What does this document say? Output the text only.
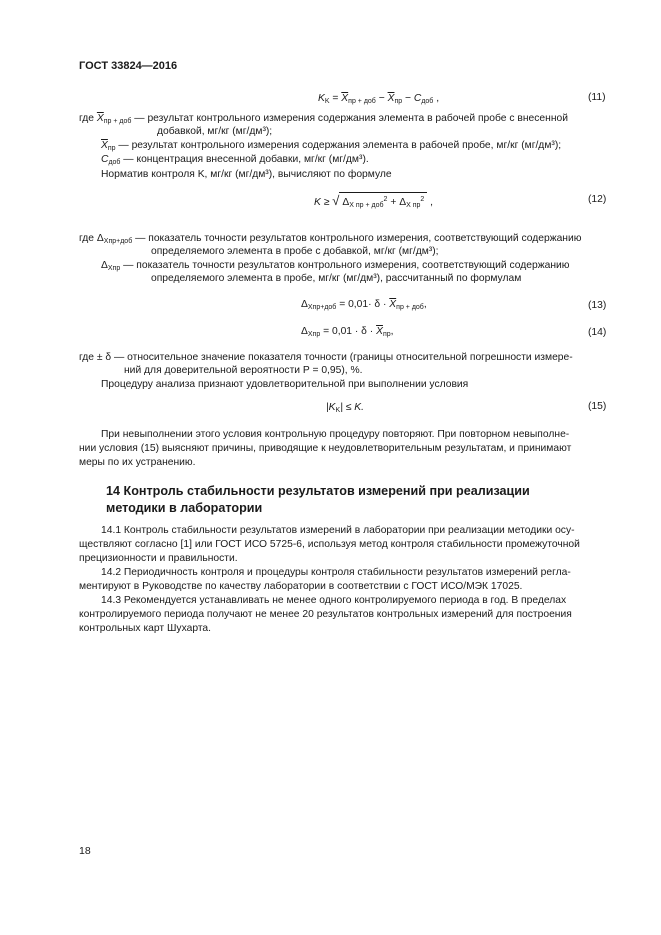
ГОСТ 33824—2016
$K_K = \overline{X}_{пр + доб} - \overline{X}_{пр} - C_{доб}$ ,	(11)
где $\overline{X}_{пр + доб}$ — результат контрольного измерения содержания элемента в рабочей пробе с внесенной
добавкой, мг/кг (мг/дм³);
$\overline{X}_{пр}$ — результат контрольного измерения содержания элемента в рабочей пробе, мг/кг (мг/дм³);
$C_{доб}$ — концентрация внесенной добавки, мг/кг (мг/дм³).
Норматив контроля K, мг/кг (мг/дм³), вычисляют по формуле
K ≥ √ $\Delta_{X пр + доб}^2 + \Delta_{X пр}^2$ ,	(12)
где $\Delta_{Xпр+доб}$ — показатель точности результатов контрольного измерения, соответствующий содержанию
определяемого элемента в пробе с добавкой, мг/кг (мг/дм³);
$\Delta_{Xпр}$ — показатель точности результатов контрольного измерения, соответствующий содержанию
определяемого элемента в пробе, мг/кг (мг/дм³), рассчитанный по формулам
$\Delta_{Xпр+доб} = 0,01\cdot \delta \cdot \overline{X}_{пр + доб}$,	(13)
$\Delta_{Xпр} = 0,01 \cdot \delta \cdot \overline{X}_{пр}$,	(14)
где ± δ — относительное значение показателя точности (границы относительной погрешности измере-
ний для доверительной вероятности P = 0,95), %.
Процедуру анализа признают удовлетворительной при выполнении условия
$|K_K| \le K$.	(15)
При невыполнении этого условия контрольную процедуру повторяют. При повторном невыполне-
нии условия (15) выясняют причины, приводящие к неудовлетворительным результатам, и принимают
меры по их устранению.
14 Контроль стабильности результатов измерений при реализации
методики в лаборатории
14.1 Контроль стабильности результатов измерений в лаборатории при реализации методики осу-
ществляют согласно [1] или ГОСТ ИСО 5725-6, используя метод контроля стабильности промежуточной
прецизионности и правильности.
14.2 Периодичность контроля и процедуры контроля стабильности результатов измерений регла-
ментируют в Руководстве по качеству лаборатории в соответствии с ГОСТ ИСО/МЭК 17025.
14.3 Рекомендуется устанавливать не менее одного контролируемого периода в год. В пределах
контролируемого периода получают не менее 20 результатов контрольных измерений для построения
контрольных карт Шухарта.
18
